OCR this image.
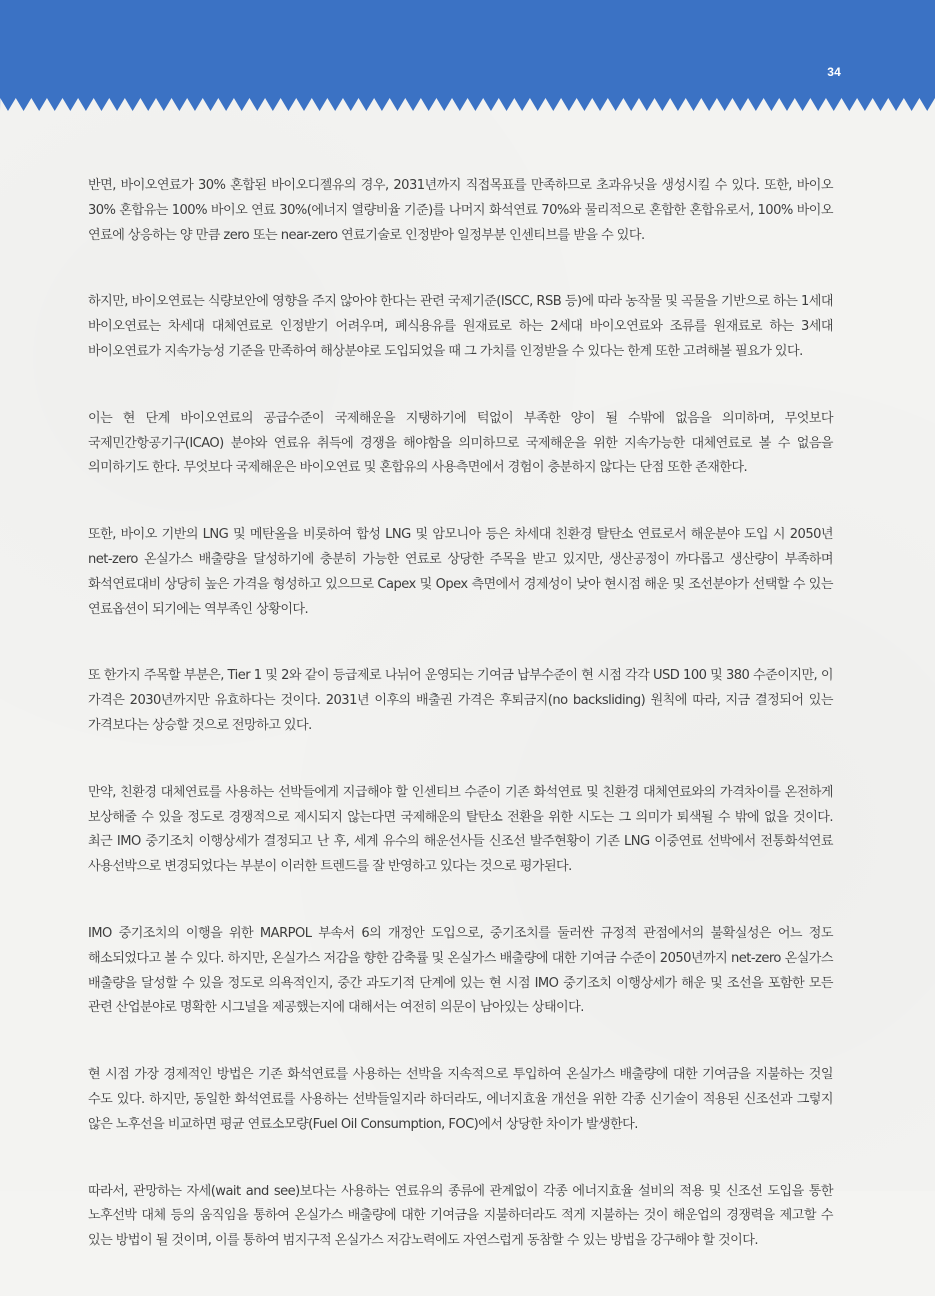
34

반면, 바이오연료가 30% 혼합된 바이오디젤유의 경우, 2031년까지 직접목표를 만족하므로 초과유닛을 생성시킬 수 있다. 또한, 바이오 30% 혼합유는 100% 바이오 연료 30%(에너지 열량비율 기준)를 나머지 화석연료 70%와 물리적으로 혼합한 혼합유로서, 100% 바이오 연료에 상응하는 양 만큼 zero 또는 near-zero 연료기술로 인정받아 일정부분 인센티브를 받을 수 있다.

하지만, 바이오연료는 식량보안에 영향을 주지 않아야 한다는 관련 국제기준(ISCC, RSB 등)에 따라 농작물 및 곡물을 기반으로 하는 1세대 바이오연료는 차세대 대체연료로 인정받기 어려우며, 폐식용유를 원재료로 하는 2세대 바이오연료와 조류를 원재료로 하는 3세대 바이오연료가 지속가능성 기준을 만족하여 해상분야로 도입되었을 때 그 가치를 인정받을 수 있다는 한계 또한 고려해볼 필요가 있다.

이는 현 단계 바이오연료의 공급수준이 국제해운을 지탱하기에 턱없이 부족한 양이 될 수밖에 없음을 의미하며, 무엇보다 국제민간항공기구(ICAO) 분야와 연료유 취득에 경쟁을 해야함을 의미하므로 국제해운을 위한 지속가능한 대체연료로 볼 수 없음을 의미하기도 한다. 무엇보다 국제해운은 바이오연료 및 혼합유의 사용측면에서 경험이 충분하지 않다는 단점 또한 존재한다.

또한, 바이오 기반의 LNG 및 메탄올을 비롯하여 합성 LNG 및 암모니아 등은 차세대 친환경 탈탄소 연료로서 해운분야 도입 시 2050년 net-zero 온실가스 배출량을 달성하기에 충분히 가능한 연료로 상당한 주목을 받고 있지만, 생산공정이 까다롭고 생산량이 부족하며 화석연료대비 상당히 높은 가격을 형성하고 있으므로 Capex 및 Opex 측면에서 경제성이 낮아 현시점 해운 및 조선분야가 선택할 수 있는 연료옵션이 되기에는 역부족인 상황이다.

또 한가지 주목할 부분은, Tier 1 및 2와 같이 등급제로 나뉘어 운영되는 기여금 납부수준이 현 시점 각각 USD 100 및 380 수준이지만, 이 가격은 2030년까지만 유효하다는 것이다. 2031년 이후의 배출권 가격은 후퇴금지(no backsliding) 원칙에 따라, 지금 결정되어 있는 가격보다는 상승할 것으로 전망하고 있다.

만약, 친환경 대체연료를 사용하는 선박들에게 지급해야 할 인센티브 수준이 기존 화석연료 및 친환경 대체연료와의 가격차이를 온전하게 보상해줄 수 있을 정도로 경쟁적으로 제시되지 않는다면 국제해운의 탈탄소 전환을 위한 시도는 그 의미가 퇴색될 수 밖에 없을 것이다. 최근 IMO 중기조치 이행상세가 결정되고 난 후, 세계 유수의 해운선사들 신조선 발주현황이 기존 LNG 이중연료 선박에서 전통화석연료 사용선박으로 변경되었다는 부분이 이러한 트렌드를 잘 반영하고 있다는 것으로 평가된다.

IMO 중기조치의 이행을 위한 MARPOL 부속서 6의 개정안 도입으로, 중기조치를 둘러싼 규정적 관점에서의 불확실성은 어느 정도 해소되었다고 볼 수 있다. 하지만, 온실가스 저감을 향한 감축률 및 온실가스 배출량에 대한 기여금 수준이 2050년까지 net-zero 온실가스 배출량을 달성할 수 있을 정도로 의욕적인지, 중간 과도기적 단계에 있는 현 시점 IMO 중기조치 이행상세가 해운 및 조선을 포함한 모든 관련 산업분야로 명확한 시그널을 제공했는지에 대해서는 여전히 의문이 남아있는 상태이다.

현 시점 가장 경제적인 방법은 기존 화석연료를 사용하는 선박을 지속적으로 투입하여 온실가스 배출량에 대한 기여금을 지불하는 것일 수도 있다. 하지만, 동일한 화석연료를 사용하는 선박들일지라 하더라도, 에너지효율 개선을 위한 각종 신기술이 적용된 신조선과 그렇지 않은 노후선을 비교하면 평균 연료소모량(Fuel Oil Consumption, FOC)에서 상당한 차이가 발생한다.

따라서, 관망하는 자세(wait and see)보다는 사용하는 연료유의 종류에 관계없이 각종 에너지효율 설비의 적용 및 신조선 도입을 통한 노후선박 대체 등의 움직임을 통하여 온실가스 배출량에 대한 기여금을 지불하더라도 적게 지불하는 것이 해운업의 경쟁력을 제고할 수 있는 방법이 될 것이며, 이를 통하여 범지구적 온실가스 저감노력에도 자연스럽게 동참할 수 있는 방법을 강구해야 할 것이다.
